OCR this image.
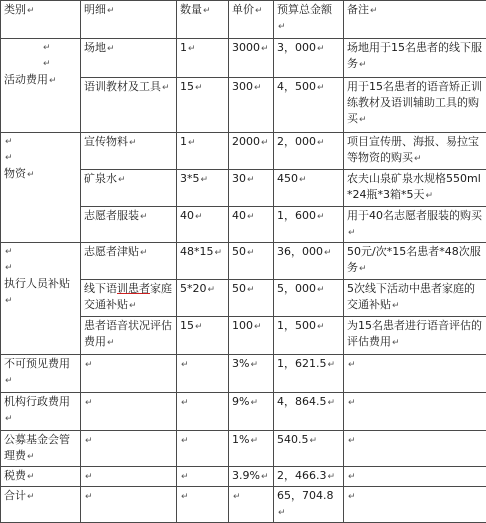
类别↵	明细↵	数量↵	单价↵	预算总金额↵	备注↵

↵
↵
活动费用↵	场地↵	1↵	3000↵	3，000↵	场地用于15名患者的线下服务↵
	语训教材及工具↵	15↵	300↵	4，500↵	用于15名患者的语音矫正训练教材及语训辅助工具的购买↵

↵
↵
物资↵	宣传物料↵	1↵	2000↵	2，000↵	项目宣传册、海报、易拉宝等物资的购买↵
	矿泉水↵	3*5↵	30↵	450↵	农夫山泉矿泉水规格550ml*24瓶*3箱*5天↵
	志愿者服装↵	40↵	40↵	1，600↵	用于40名志愿者服装的购买↵

↵
↵
执行人员补贴↵	志愿者津贴↵	48*15↵	50↵	36，000↵	50元/次*15名患者*48次服务↵
	线下语训患者家庭交通补贴↵	5*20↵	50↵	5，000↵	5次线下活动中患者家庭的交通补贴↵
	患者语音状况评估费用↵	15↵	100↵	1，500↵	为15名患者进行语音评估的评估费用↵
不可预见费用↵	↵	↵	3%↵	1，621.5↵	↵
机构行政费用↵	↵	↵	9%↵	4，864.5↵	↵
公募基金会管理费↵	↵	↵	1%↵	540.5↵	↵
税费↵	↵	↵	3.9%↵	2，466.3↵	↵
合计↵	↵	↵	↵	65，704.8↵	↵
